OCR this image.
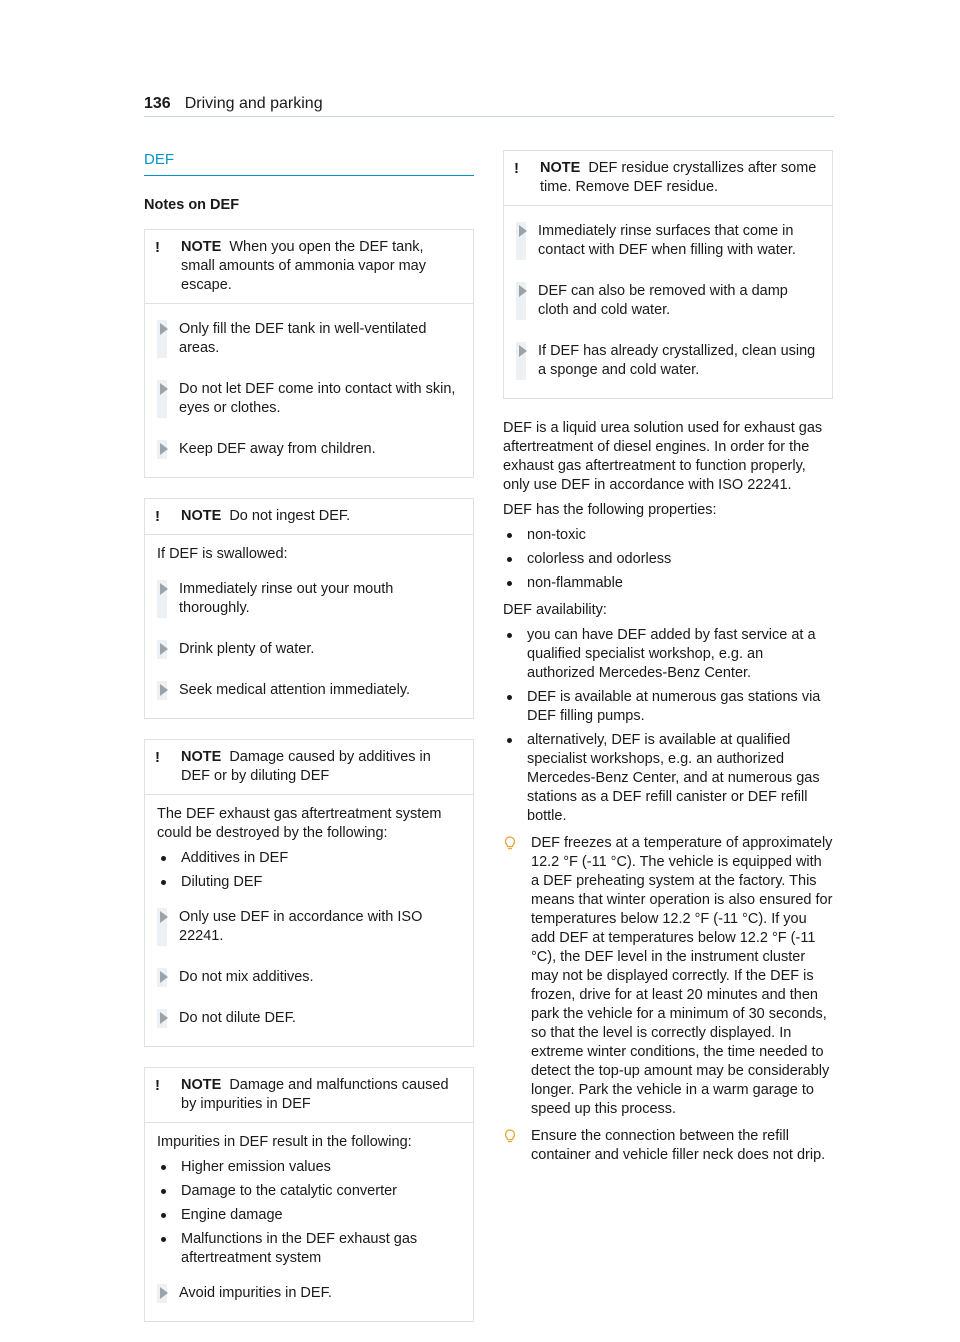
136 Driving and parking
DEF
Notes on DEF
!	NOTE When you open the DEF tank, small amounts of ammonia vapor may escape.
Only fill the DEF tank in well-ventilated areas.
Do not let DEF come into contact with skin, eyes or clothes.
Keep DEF away from children.
!	NOTE Do not ingest DEF.
If DEF is swallowed:
Immediately rinse out your mouth thoroughly.
Drink plenty of water.
Seek medical attention immediately.
!	NOTE Damage caused by additives in DEF or by diluting DEF
The DEF exhaust gas aftertreatment system could be destroyed by the following:
Additives in DEF
Diluting DEF
Only use DEF in accordance with ISO 22241.
Do not mix additives.
Do not dilute DEF.
!	NOTE Damage and malfunctions caused by impurities in DEF
Impurities in DEF result in the following:
Higher emission values
Damage to the catalytic converter
Engine damage
Malfunctions in the DEF exhaust gas aftertreatment system
Avoid impurities in DEF.
!	NOTE DEF residue crystallizes after some time. Remove DEF residue.
Immediately rinse surfaces that come in contact with DEF when filling with water.
DEF can also be removed with a damp cloth and cold water.
If DEF has already crystallized, clean using a sponge and cold water.
DEF is a liquid urea solution used for exhaust gas aftertreatment of diesel engines. In order for the exhaust gas aftertreatment to function properly, only use DEF in accordance with ISO 22241.
DEF has the following properties:
non-toxic
colorless and odorless
non-flammable
DEF availability:
you can have DEF added by fast service at a qualified specialist workshop, e.g. an authorized Mercedes-Benz Center.
DEF is available at numerous gas stations via DEF filling pumps.
alternatively, DEF is available at qualified specialist workshops, e.g. an authorized Mercedes-Benz Center, and at numerous gas stations as a DEF refill canister or DEF refill bottle.
DEF freezes at a temperature of approximately 12.2 °F (-11 °C). The vehicle is equipped with a DEF preheating system at the factory. This means that winter operation is also ensured for temperatures below 12.2 °F (-11 °C). If you add DEF at temperatures below 12.2 °F (-11 °C), the DEF level in the instrument cluster may not be displayed correctly. If the DEF is frozen, drive for at least 20 minutes and then park the vehicle for a minimum of 30 seconds, so that the level is correctly displayed. In extreme winter conditions, the time needed to detect the top-up amount may be considerably longer. Park the vehicle in a warm garage to speed up this process.
Ensure the connection between the refill container and vehicle filler neck does not drip.
